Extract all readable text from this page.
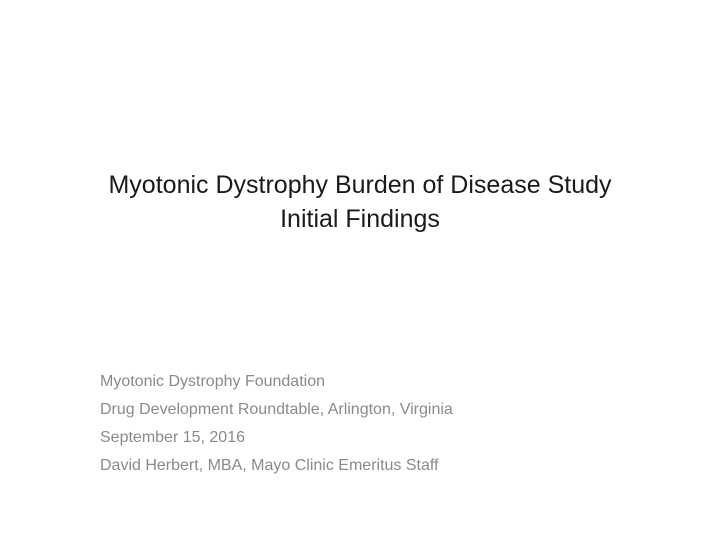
Myotonic Dystrophy Burden of Disease Study
Initial Findings
Myotonic Dystrophy Foundation
Drug Development Roundtable, Arlington, Virginia
September 15, 2016
David Herbert, MBA, Mayo Clinic Emeritus Staff
